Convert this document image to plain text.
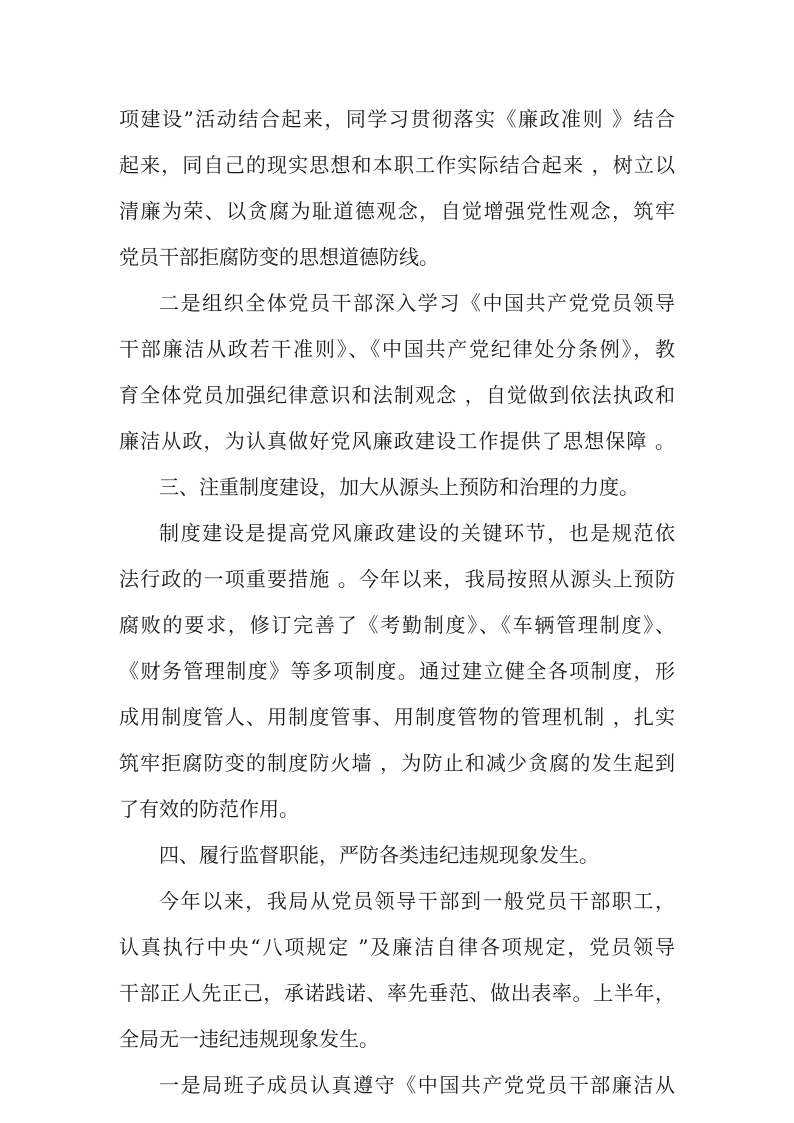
项建设”活动结合起来，同学习贯彻落实《廉政准则 》结合
起来，同自己的现实思想和本职工作实际结合起来 ，树立以
清廉为荣、以贪腐为耻道德观念，自觉增强党性观念，筑牢
党员干部拒腐防变的思想道德防线。
二是组织全体党员干部深入学习《中国共产党党员领导
干部廉洁从政若干准则》、《中国共产党纪律处分条例》，教
育全体党员加强纪律意识和法制观念 ，自觉做到依法执政和
廉洁从政，为认真做好党风廉政建设工作提供了思想保障 。
三、注重制度建设，加大从源头上预防和治理的力度。
制度建设是提高党风廉政建设的关键环节，也是规范依
法行政的一项重要措施 。今年以来，我局按照从源头上预防
腐败的要求，修订完善了《考勤制度》、《车辆管理制度》、
《财务管理制度》等多项制度。通过建立健全各项制度，形
成用制度管人、用制度管事、用制度管物的管理机制 ，扎实
筑牢拒腐防变的制度防火墙 ，为防止和减少贪腐的发生起到
了有效的防范作用。
四、履行监督职能，严防各类违纪违规现象发生。
今年以来，我局从党员领导干部到一般党员干部职工，
认真执行中央“八项规定 ”及廉洁自律各项规定，党员领导
干部正人先正己，承诺践诺、率先垂范、做出表率。上半年，
全局无一违纪违规现象发生。
一是局班子成员认真遵守《中国共产党党员干部廉洁从
